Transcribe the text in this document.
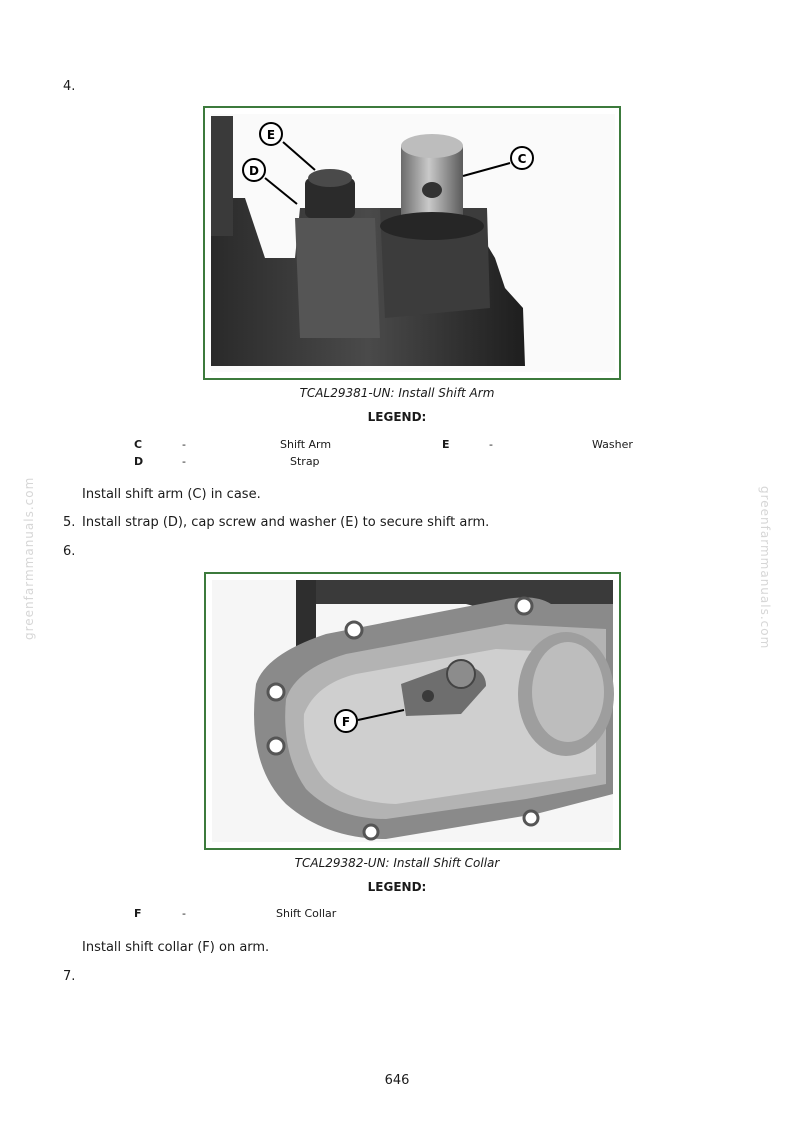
greenfarmmanuals.com	greenfarmmanuals.com
4.
E
D
C
TCAL29381-UN: Install Shift Arm
LEGEND:
C	-	Shift Arm	E	-	Washer
D	-	Strap
Install shift arm (C) in case.
5. Install strap (D), cap screw and washer (E) to secure shift arm.
6.
F
TCAL29382-UN: Install Shift Collar
LEGEND:
F	-	Shift Collar
Install shift collar (F) on arm.
7.
646
